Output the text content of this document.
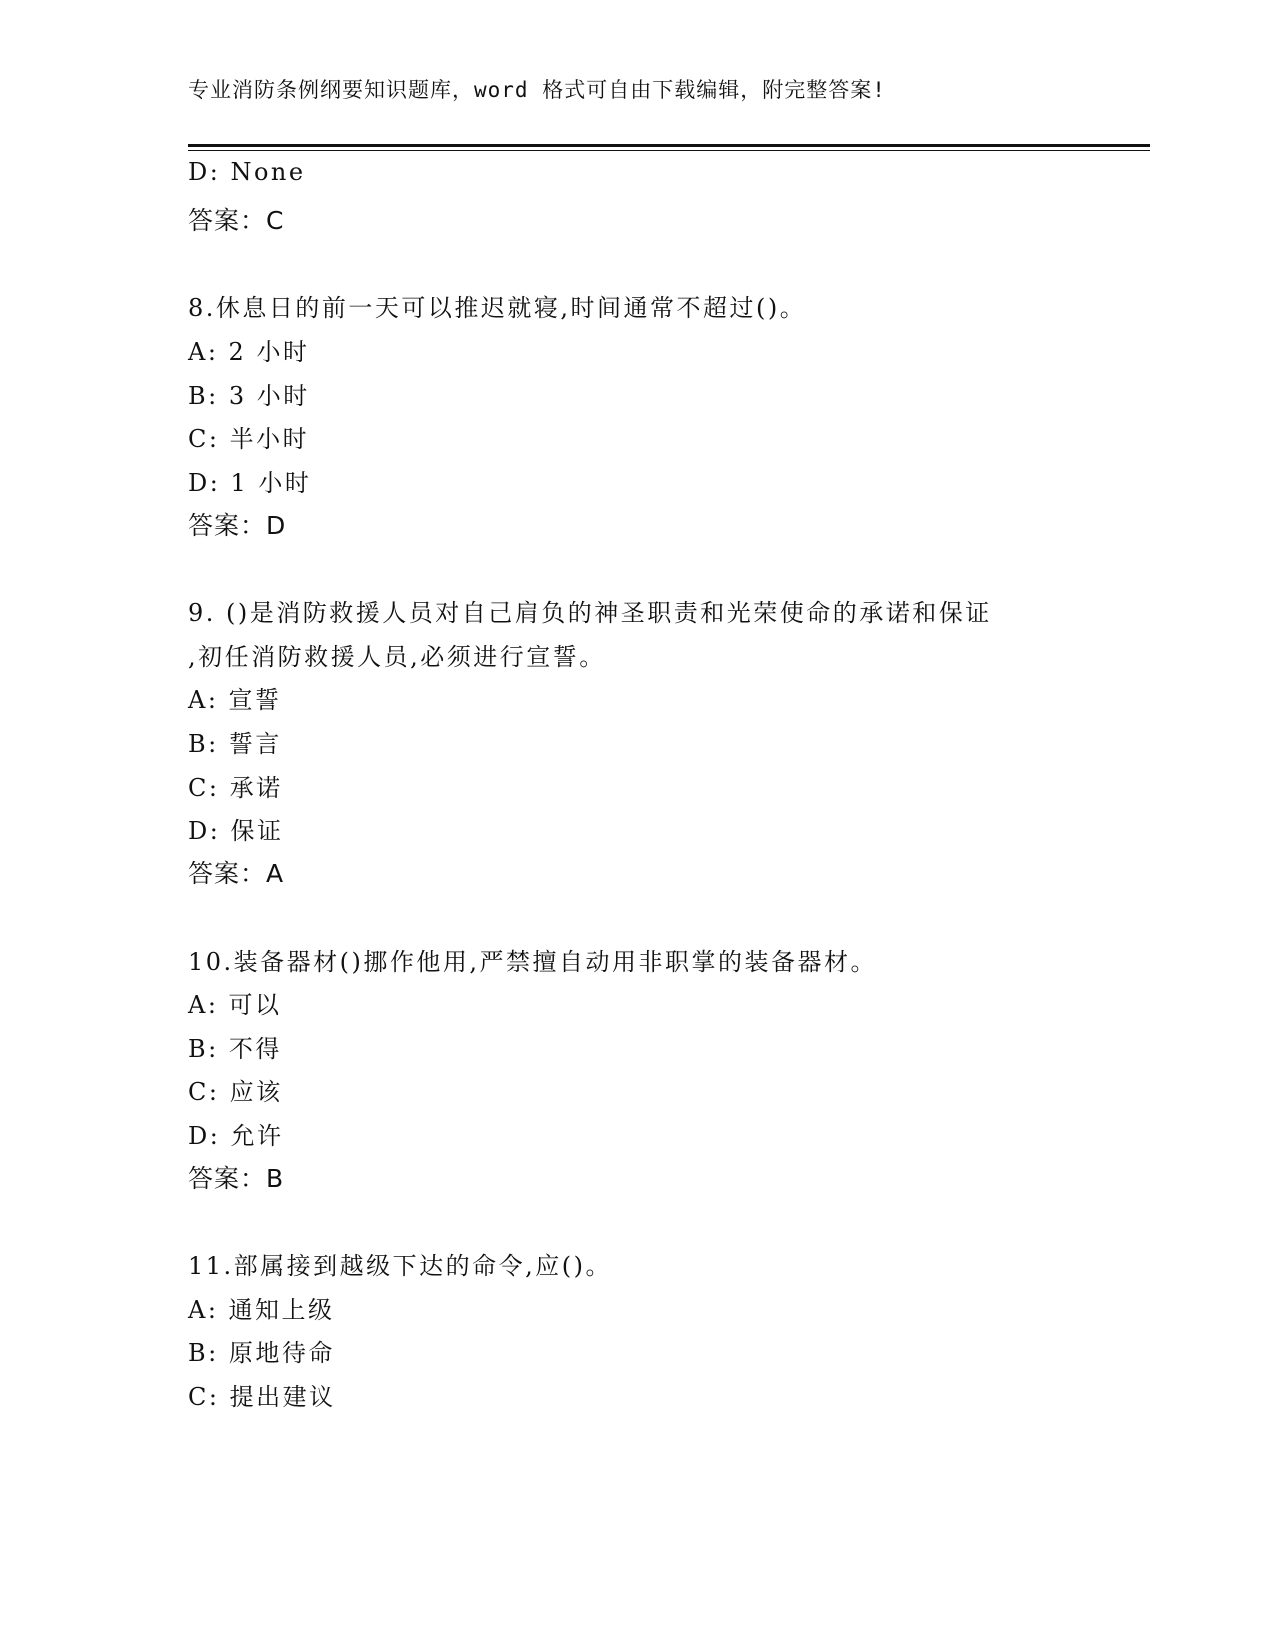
专业消防条例纲要知识题库，word 格式可自由下载编辑，附完整答案!
D: None
答案：C
8.休息日的前一天可以推迟就寝,时间通常不超过()。
A: 2 小时
B: 3 小时
C: 半小时
D: 1 小时
答案：D
9. ()是消防救援人员对自己肩负的神圣职责和光荣使命的承诺和保证
,初任消防救援人员,必须进行宣誓。
A: 宣誓
B: 誓言
C: 承诺
D: 保证
答案：A
10.装备器材()挪作他用,严禁擅自动用非职掌的装备器材。
A: 可以
B: 不得
C: 应该
D: 允许
答案：B
11.部属接到越级下达的命令,应()。
A: 通知上级
B: 原地待命
C: 提出建议
